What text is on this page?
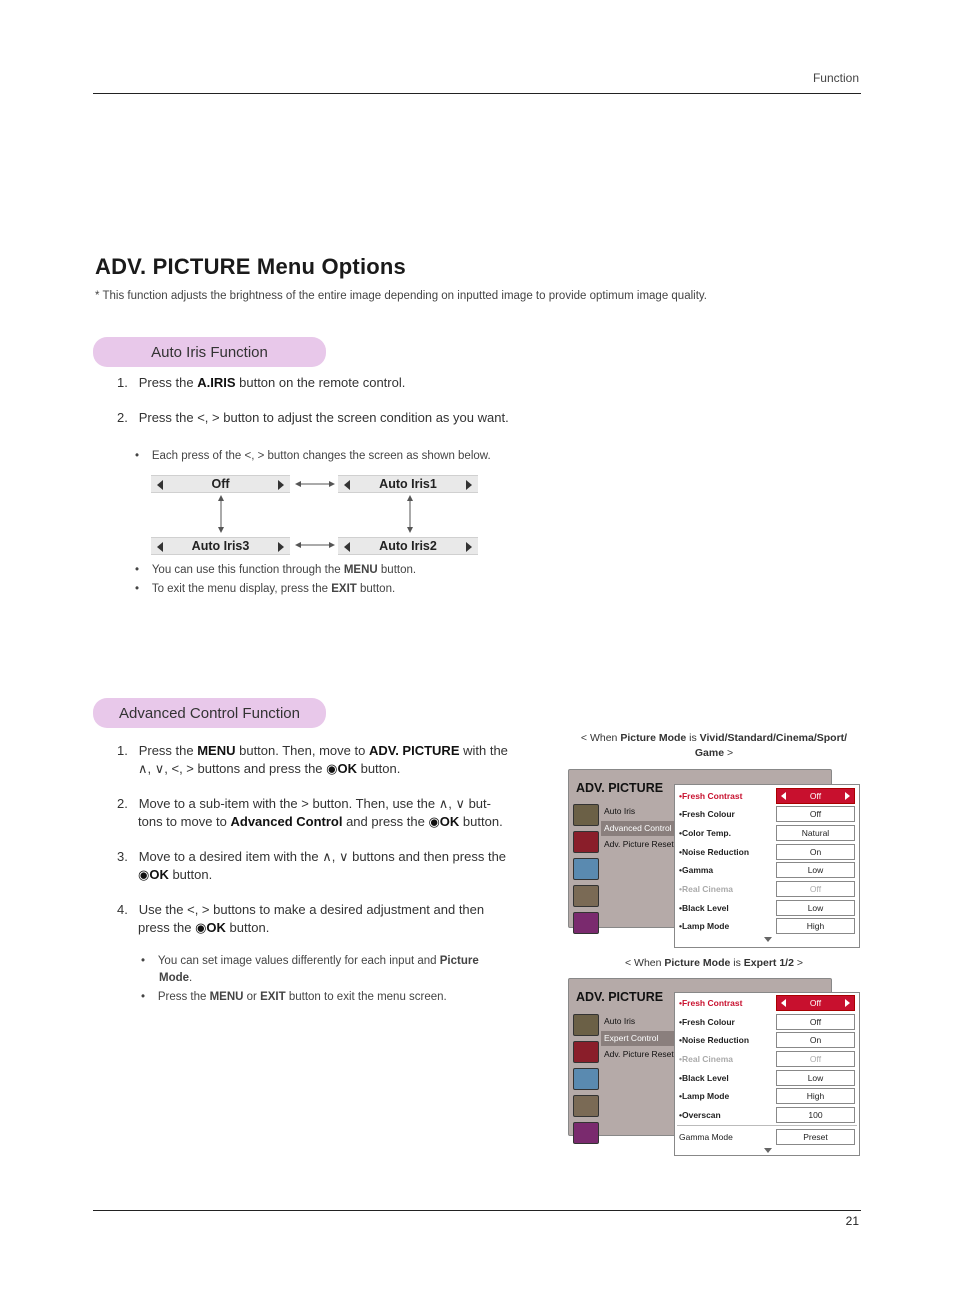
Function
ADV. PICTURE Menu Options
* This function adjusts the brightness of the entire image depending on inputted image to provide optimum image quality.
Auto Iris Function
1. Press the A.IRIS button on the remote control.
2. Press the <, > button to adjust the screen condition as you want.
•    Each press of the <, > button changes the screen as shown below.
Off	Auto Iris1
Auto Iris3	Auto Iris2
•    You can use this function through the MENU button.
•    To exit the menu display, press the EXIT button.
Advanced Control Function
1. Press the MENU button. Then, move to ADV. PICTURE with the
∧, ∨, <, > buttons and press the ◉OK button.
2. Move to a sub-item with the > button. Then, use the ∧, ∨ but-
tons to move to Advanced Control and press the ◉OK button.
3. Move to a desired item with the ∧, ∨ buttons and then press the
◉OK button.
4. Use the <, > buttons to make a desired adjustment and then
press the ◉OK button.
•    You can set image values differently for each input and Picture
Mode.
•    Press the MENU or EXIT button to exit the menu screen.
< When Picture Mode is Vivid/Standard/Cinema/Sport/
Game >
ADV. PICTURE
Auto Iris
Advanced Control
Adv. Picture Reset
•Fresh Contrast	Off
•Fresh Colour	Off
•Color Temp.	Natural
•Noise Reduction	On
•Gamma	Low
•Real Cinema	Off
•Black Level	Low
•Lamp Mode	High
< When Picture Mode is Expert 1/2 >
ADV. PICTURE
Auto Iris
Expert Control
Adv. Picture Reset
•Fresh Contrast	Off
•Fresh Colour	Off
•Noise Reduction	On
•Real Cinema	Off
•Black Level	Low
•Lamp Mode	High
•Overscan	100
Gamma Mode	Preset
21
